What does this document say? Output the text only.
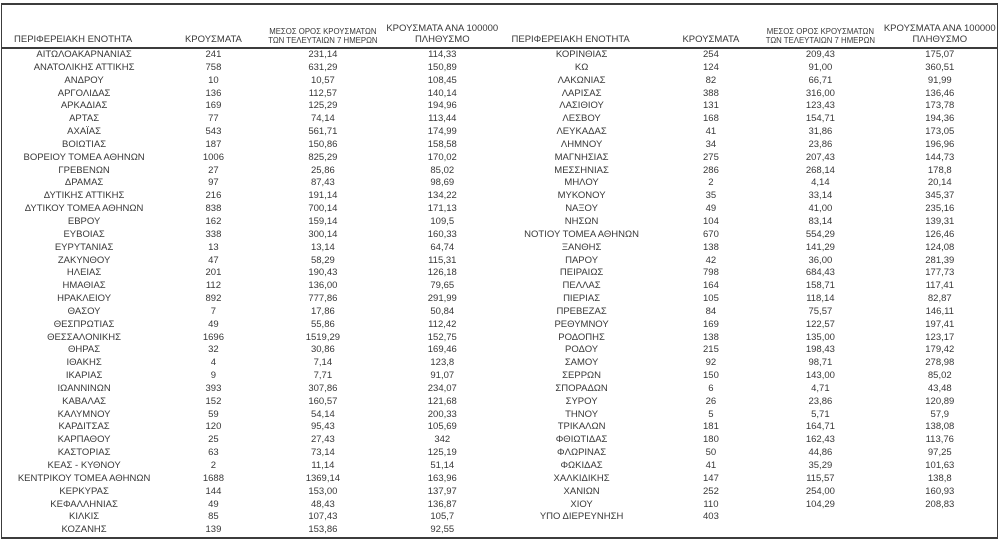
ΠΕΡΙΦΕΡΕΙΑΚΗ ΕΝΟΤΗΤΑ	ΚΡΟΥΣΜΑΤΑ	ΜΕΣΟΣ ΟΡΟΣ ΚΡΟΥΣΜΑΤΩΝ
ΤΩΝ ΤΕΛΕΥΤΑΙΩΝ 7 ΗΜΕΡΩΝ	ΚΡΟΥΣΜΑΤΑ ΑΝΑ 100000
ΠΛΗΘΥΣΜΟ
ΑΙΤΩΛΟΑΚΑΡΝΑΝΙΑΣ	241	231,14	114,33
ΑΝΑΤΟΛΙΚΗΣ ΑΤΤΙΚΗΣ	758	631,29	150,89
ΑΝΔΡΟΥ	10	10,57	108,45
ΑΡΓΟΛΙΔΑΣ	136	112,57	140,14
ΑΡΚΑΔΙΑΣ	169	125,29	194,96
ΑΡΤΑΣ	77	74,14	113,44
ΑΧΑΪΑΣ	543	561,71	174,99
ΒΟΙΩΤΙΑΣ	187	150,86	158,58
ΒΟΡΕΙΟΥ ΤΟΜΕΑ ΑΘΗΝΩΝ	1006	825,29	170,02
ΓΡΕΒΕΝΩΝ	27	25,86	85,02
ΔΡΑΜΑΣ	97	87,43	98,69
ΔΥΤΙΚΗΣ ΑΤΤΙΚΗΣ	216	191,14	134,22
ΔΥΤΙΚΟΥ ΤΟΜΕΑ ΑΘΗΝΩΝ	838	700,14	171,13
ΕΒΡΟΥ	162	159,14	109,5
ΕΥΒΟΙΑΣ	338	300,14	160,33
ΕΥΡΥΤΑΝΙΑΣ	13	13,14	64,74
ΖΑΚΥΝΘΟΥ	47	58,29	115,31
ΗΛΕΙΑΣ	201	190,43	126,18
ΗΜΑΘΙΑΣ	112	136,00	79,65
ΗΡΑΚΛΕΙΟΥ	892	777,86	291,99
ΘΑΣΟΥ	7	17,86	50,84
ΘΕΣΠΡΩΤΙΑΣ	49	55,86	112,42
ΘΕΣΣΑΛΟΝΙΚΗΣ	1696	1519,29	152,75
ΘΗΡΑΣ	32	30,86	169,46
ΙΘΑΚΗΣ	4	7,14	123,8
ΙΚΑΡΙΑΣ	9	7,71	91,07
ΙΩΑΝΝΙΝΩΝ	393	307,86	234,07
ΚΑΒΑΛΑΣ	152	160,57	121,68
ΚΑΛΥΜΝΟΥ	59	54,14	200,33
ΚΑΡΔΙΤΣΑΣ	120	95,43	105,69
ΚΑΡΠΑΘΟΥ	25	27,43	342
ΚΑΣΤΟΡΙΑΣ	63	73,14	125,19
ΚΕΑΣ - ΚΥΘΝΟΥ	2	11,14	51,14
ΚΕΝΤΡΙΚΟΥ ΤΟΜΕΑ ΑΘΗΝΩΝ	1688	1369,14	163,96
ΚΕΡΚΥΡΑΣ	144	153,00	137,97
ΚΕΦΑΛΛΗΝΙΑΣ	49	48,43	136,87
ΚΙΛΚΙΣ	85	107,43	105,7
ΚΟΖΑΝΗΣ	139	153,86	92,55
ΠΕΡΙΦΕΡΕΙΑΚΗ ΕΝΟΤΗΤΑ	ΚΡΟΥΣΜΑΤΑ	ΜΕΣΟΣ ΟΡΟΣ ΚΡΟΥΣΜΑΤΩΝ
ΤΩΝ ΤΕΛΕΥΤΑΙΩΝ 7 ΗΜΕΡΩΝ	ΚΡΟΥΣΜΑΤΑ ΑΝΑ 100000
ΠΛΗΘΥΣΜΟ
ΚΟΡΙΝΘΙΑΣ	254	209,43	175,07
ΚΩ	124	91,00	360,51
ΛΑΚΩΝΙΑΣ	82	66,71	91,99
ΛΑΡΙΣΑΣ	388	316,00	136,46
ΛΑΣΙΘΙΟΥ	131	123,43	173,78
ΛΕΣΒΟΥ	168	154,71	194,36
ΛΕΥΚΑΔΑΣ	41	31,86	173,05
ΛΗΜΝΟΥ	34	23,86	196,96
ΜΑΓΝΗΣΙΑΣ	275	207,43	144,73
ΜΕΣΣΗΝΙΑΣ	286	268,14	178,8
ΜΗΛΟΥ	2	4,14	20,14
ΜΥΚΟΝΟΥ	35	33,14	345,37
ΝΑΞΟΥ	49	41,00	235,16
ΝΗΣΩΝ	104	83,14	139,31
ΝΟΤΙΟΥ ΤΟΜΕΑ ΑΘΗΝΩΝ	670	554,29	126,46
ΞΑΝΘΗΣ	138	141,29	124,08
ΠΑΡΟΥ	42	36,00	281,39
ΠΕΙΡΑΙΩΣ	798	684,43	177,73
ΠΕΛΛΑΣ	164	158,71	117,41
ΠΙΕΡΙΑΣ	105	118,14	82,87
ΠΡΕΒΕΖΑΣ	84	75,57	146,11
ΡΕΘΥΜΝΟΥ	169	122,57	197,41
ΡΟΔΟΠΗΣ	138	135,00	123,17
ΡΟΔΟΥ	215	198,43	179,42
ΣΑΜΟΥ	92	98,71	278,98
ΣΕΡΡΩΝ	150	143,00	85,02
ΣΠΟΡΑΔΩΝ	6	4,71	43,48
ΣΥΡΟΥ	26	23,86	120,89
ΤΗΝΟΥ	5	5,71	57,9
ΤΡΙΚΑΛΩΝ	181	164,71	138,08
ΦΘΙΩΤΙΔΑΣ	180	162,43	113,76
ΦΛΩΡΙΝΑΣ	50	44,86	97,25
ΦΩΚΙΔΑΣ	41	35,29	101,63
ΧΑΛΚΙΔΙΚΗΣ	147	115,57	138,8
ΧΑΝΙΩΝ	252	254,00	160,93
ΧΙΟΥ	110	104,29	208,83
ΥΠΟ ΔΙΕΡΕΥΝΗΣΗ	403		
